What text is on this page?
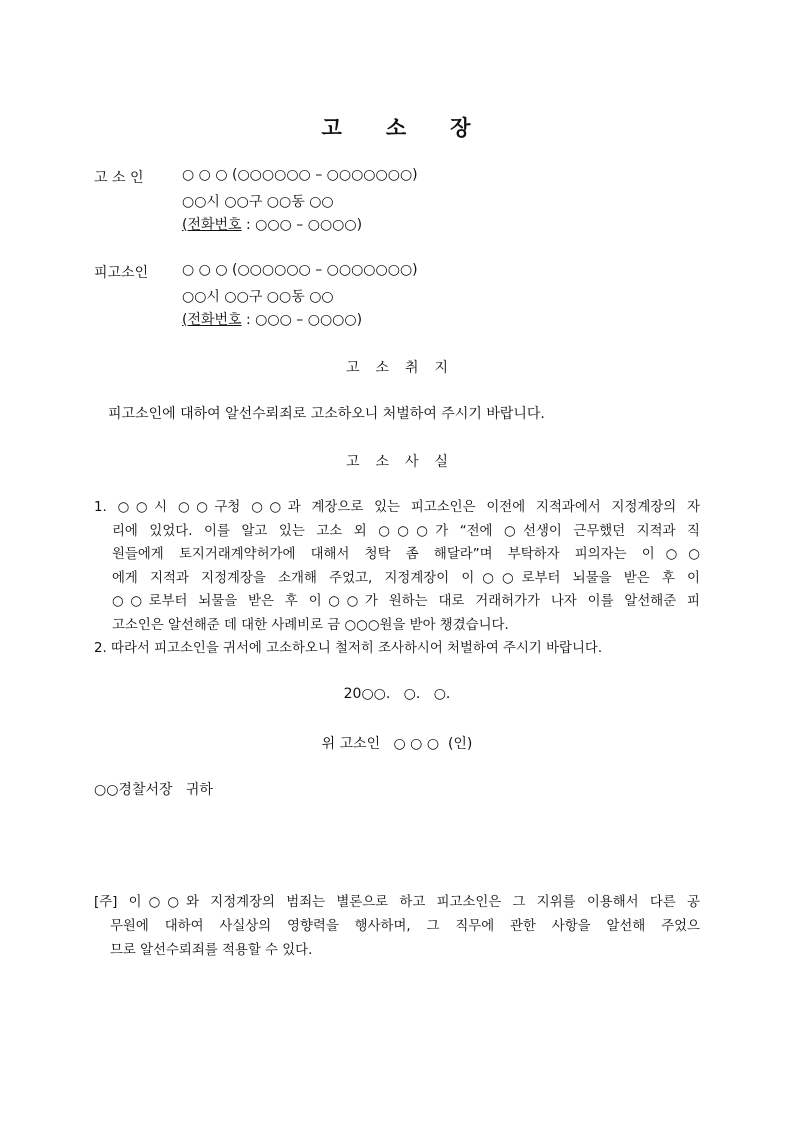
고 소 장
고 소 인	○ ○ ○ (○○○○○○ – ○○○○○○○)
○○시 ○○구 ○○동 ○○
(전화번호 : ○○○ – ○○○○)
피고소인 ○ ○ ○ (○○○○○○ – ○○○○○○○)
○○시 ○○구 ○○동 ○○
(전화번호 : ○○○ – ○○○○)
고 소 취 지
피고소인에 대하여 알선수뢰죄로 고소하오니 처벌하여 주시기 바랍니다.
고 소 사 실
1. ○○시 ○○구청 ○○과 계장으로 있는 피고소인은 이전에 지적과에서 지정계장의 자
리에 있었다. 이를 알고 있는 고소 외 ○○○가 “전에 ○선생이 근무했던 지적과 직
원들에게 토지거래계약허가에 대해서 청탁 좀 해달라”며 부탁하자 피의자는 이○○
에게 지적과 지정계장을 소개해 주었고, 지정계장이 이○○로부터 뇌물을 받은 후 이
○○로부터 뇌물을 받은 후 이○○가 원하는 대로 거래허가가 나자 이를 알선해준 피
고소인은 알선해준 데 대한 사례비로 금 ○○○원을 받아 챙겼습니다.
2. 따라서 피고소인을 귀서에 고소하오니 철저히 조사하시어 처벌하여 주시기 바랍니다.
20○○.   ○.   ○.
위 고소인   ○ ○ ○  (인)
○○경찰서장   귀하
[주] 이○○와 지정계장의 범죄는 별론으로 하고 피고소인은 그 지위를 이용해서 다른 공
무원에 대하여 사실상의 영향력을 행사하며, 그 직무에 관한 사항을 알선해 주었으
므로 알선수뢰죄를 적용할 수 있다.
